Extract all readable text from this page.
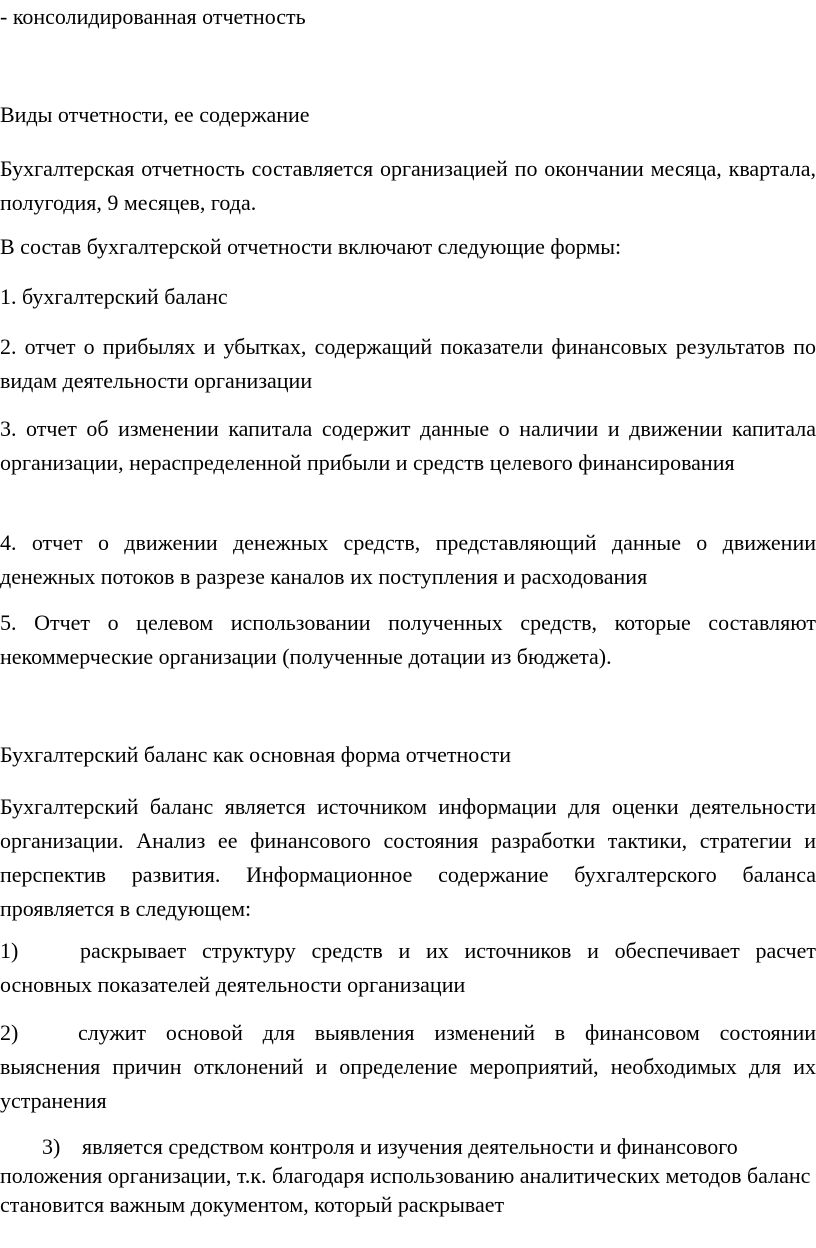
- консолидированная отчетность

Виды отчетности, ее содержание

Бухгалтерская отчетность составляется организацией по окончании месяца, квартала, полугодия, 9 месяцев, года.

В состав бухгалтерской отчетности включают следующие формы:

1. бухгалтерский баланс

2. отчет о прибылях и убытках, содержащий показатели финансовых результатов по видам деятельности организации

3. отчет об изменении капитала содержит данные о наличии и движении капитала организации, нераспределенной прибыли и средств целевого финансирования

4. отчет о движении денежных средств, представляющий данные о движении денежных потоков в разрезе каналов их поступления и расходования

5. Отчет о целевом использовании полученных средств, которые составляют некоммерческие организации (полученные дотации из бюджета).

Бухгалтерский баланс как основная форма отчетности

Бухгалтерский баланс является источником информации для оценки деятельности организации. Анализ ее финансового состояния разработки тактики, стратегии и перспектив развития. Информационное содержание бухгалтерского баланса проявляется в следующем:

1)	раскрывает структуру средств и их источников и обеспечивает расчет основных показателей деятельности организации
2)	служит основой для выявления изменений в финансовом состоянии выяснения причин отклонений и определение мероприятий, необходимых для их устранения
3) является средством контроля и изучения деятельности и финансового положения организации, т.к. благодаря использованию аналитических методов баланс становится важным документом, который раскрывает
